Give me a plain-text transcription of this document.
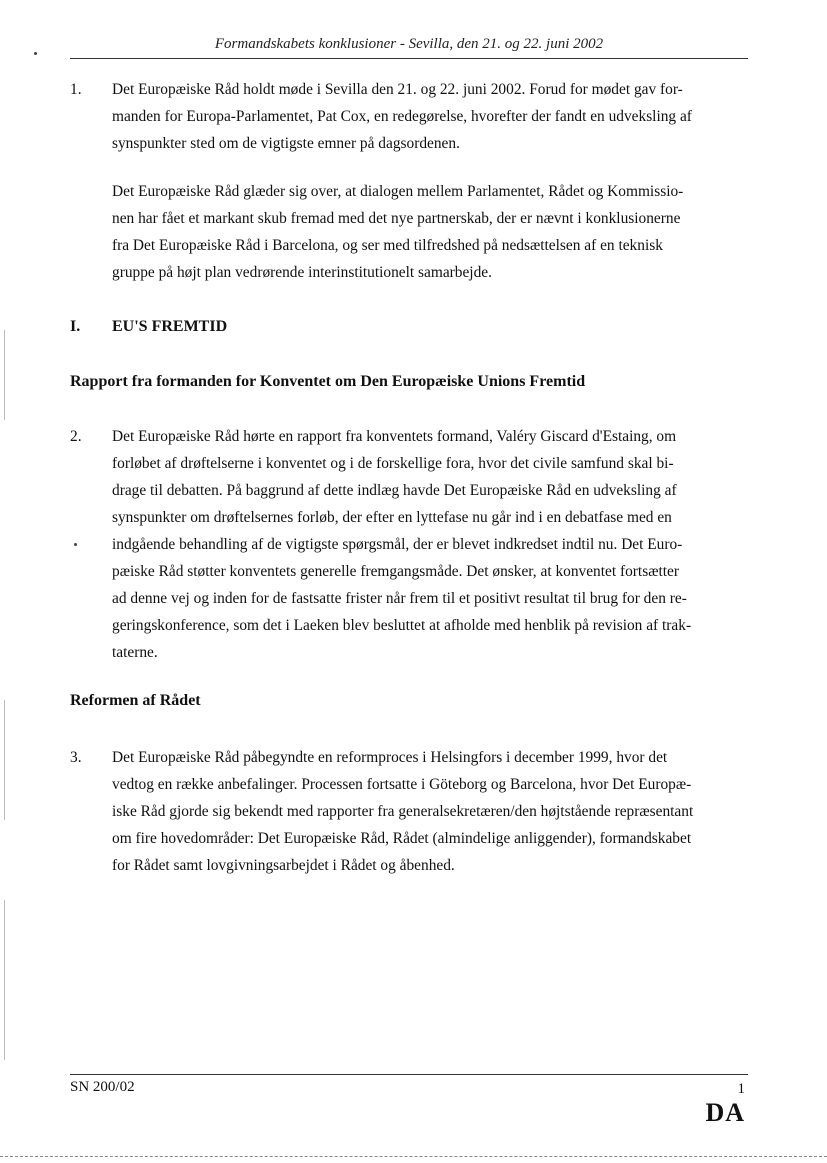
Formandskabets konklusioner - Sevilla, den 21. og 22. juni 2002
1. Det Europæiske Råd holdt møde i Sevilla den 21. og 22. juni 2002. Forud for mødet gav for-
manden for Europa-Parlamentet, Pat Cox, en redegørelse, hvorefter der fandt en udveksling af
synspunkter sted om de vigtigste emner på dagsordenen.
Det Europæiske Råd glæder sig over, at dialogen mellem Parlamentet, Rådet og Kommissio-
nen har fået et markant skub fremad med det nye partnerskab, der er nævnt i konklusionerne
fra Det Europæiske Råd i Barcelona, og ser med tilfredshed på nedsættelsen af en teknisk
gruppe på højt plan vedrørende interinstitutionelt samarbejde.
I. EU'S FREMTID
Rapport fra formanden for Konventet om Den Europæiske Unions Fremtid
2. Det Europæiske Råd hørte en rapport fra konventets formand, Valéry Giscard d'Estaing, om
forløbet af drøftelserne i konventet og i de forskellige fora, hvor det civile samfund skal bi-
drage til debatten. På baggrund af dette indlæg havde Det Europæiske Råd en udveksling af
synspunkter om drøftelsernes forløb, der efter en lyttefase nu går ind i en debatfase med en
indgående behandling af de vigtigste spørgsmål, der er blevet indkredset indtil nu. Det Euro-
pæiske Råd støtter konventets generelle fremgangsmåde. Det ønsker, at konventet fortsætter
ad denne vej og inden for de fastsatte frister når frem til et positivt resultat til brug for den re-
geringskonference, som det i Laeken blev besluttet at afholde med henblik på revision af trak-
taterne.
Reformen af Rådet
3. Det Europæiske Råd påbegyndte en reformproces i Helsingfors i december 1999, hvor det
vedtog en række anbefalinger. Processen fortsatte i Göteborg og Barcelona, hvor Det Europæ-
iske Råd gjorde sig bekendt med rapporter fra generalsekretæren/den højtstående repræsentant
om fire hovedområder: Det Europæiske Råd, Rådet (almindelige anliggender), formandskabet
for Rådet samt lovgivningsarbejdet i Rådet og åbenhed.
SN 200/02	1
DA
